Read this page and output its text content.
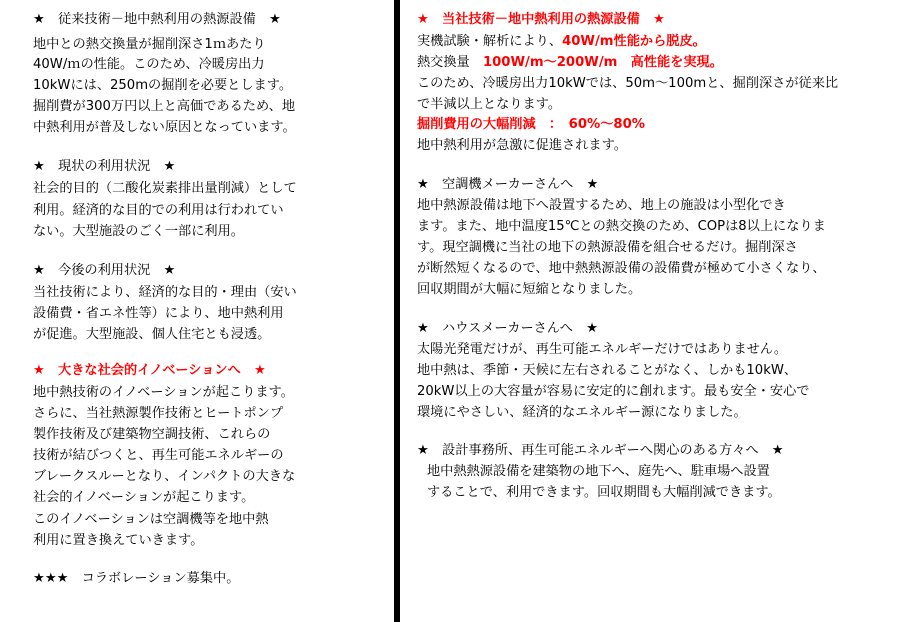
★　従来技術－地中熱利用の熱源設備　★
地中との熱交換量が掘削深さ1ｍあたり
40W/ｍの性能。このため、冷暖房出力
10kWには、250mの掘削を必要とします。
掘削費が300万円以上と高価であるため、地
中熱利用が普及しない原因となっています。
★　現状の利用状況　★
社会的目的（二酸化炭素排出量削減）として
利用。経済的な目的での利用は行われてい
ない。大型施設のごく一部に利用。
★　今後の利用状況　★
当社技術により、経済的な目的・理由（安い
設備費・省エネ性等）により、地中熱利用
が促進。大型施設、個人住宅とも浸透。
★　大きな社会的イノベーションへ　★
地中熱技術のイノベーションが起こります。
さらに、当社熱源製作技術とヒートポンプ
製作技術及び建築物空調技術、これらの
技術が結びつくと、再生可能エネルギーの
ブレークスルーとなり、インパクトの大きな
社会的イノベーションが起こります。
このイノベーションは空調機等を地中熱
利用に置き換えていきます。
★★★　コラボレーション募集中。
★　当社技術－地中熱利用の熱源設備　★
実機試験・解析により、40W/m性能から脱皮。
熱交換量　100W/m～200W/m　高性能を実現。
このため、冷暖房出力10kWでは、50m～100mと、掘削深さが従来比
で半減以上となります。
掘削費用の大幅削減　：　60%～80%
地中熱利用が急激に促進されます。
★　空調機メーカーさんへ　★
地中熱源設備は地下へ設置するため、地上の施設は小型化でき
ます。また、地中温度15℃との熱交換のため、COPは8以上になりま
す。現空調機に当社の地下の熱源設備を組合せるだけ。掘削深さ
が断然短くなるので、地中熱熱源設備の設備費が極めて小さくなり、
回収期間が大幅に短縮となりました。
★　ハウスメーカーさんへ　★
太陽光発電だけが、再生可能エネルギーだけではありません。
地中熱は、季節・天候に左右されることがなく、しかも10kW、
20kW以上の大容量が容易に安定的に創れます。最も安全・安心で
環境にやさしい、経済的なエネルギー源になりました。
★　設計事務所、再生可能エネルギーへ関心のある方々へ　★
地中熱熱源設備を建築物の地下へ、庭先へ、駐車場へ設置
することで、利用できます。回収期間も大幅削減できます。
